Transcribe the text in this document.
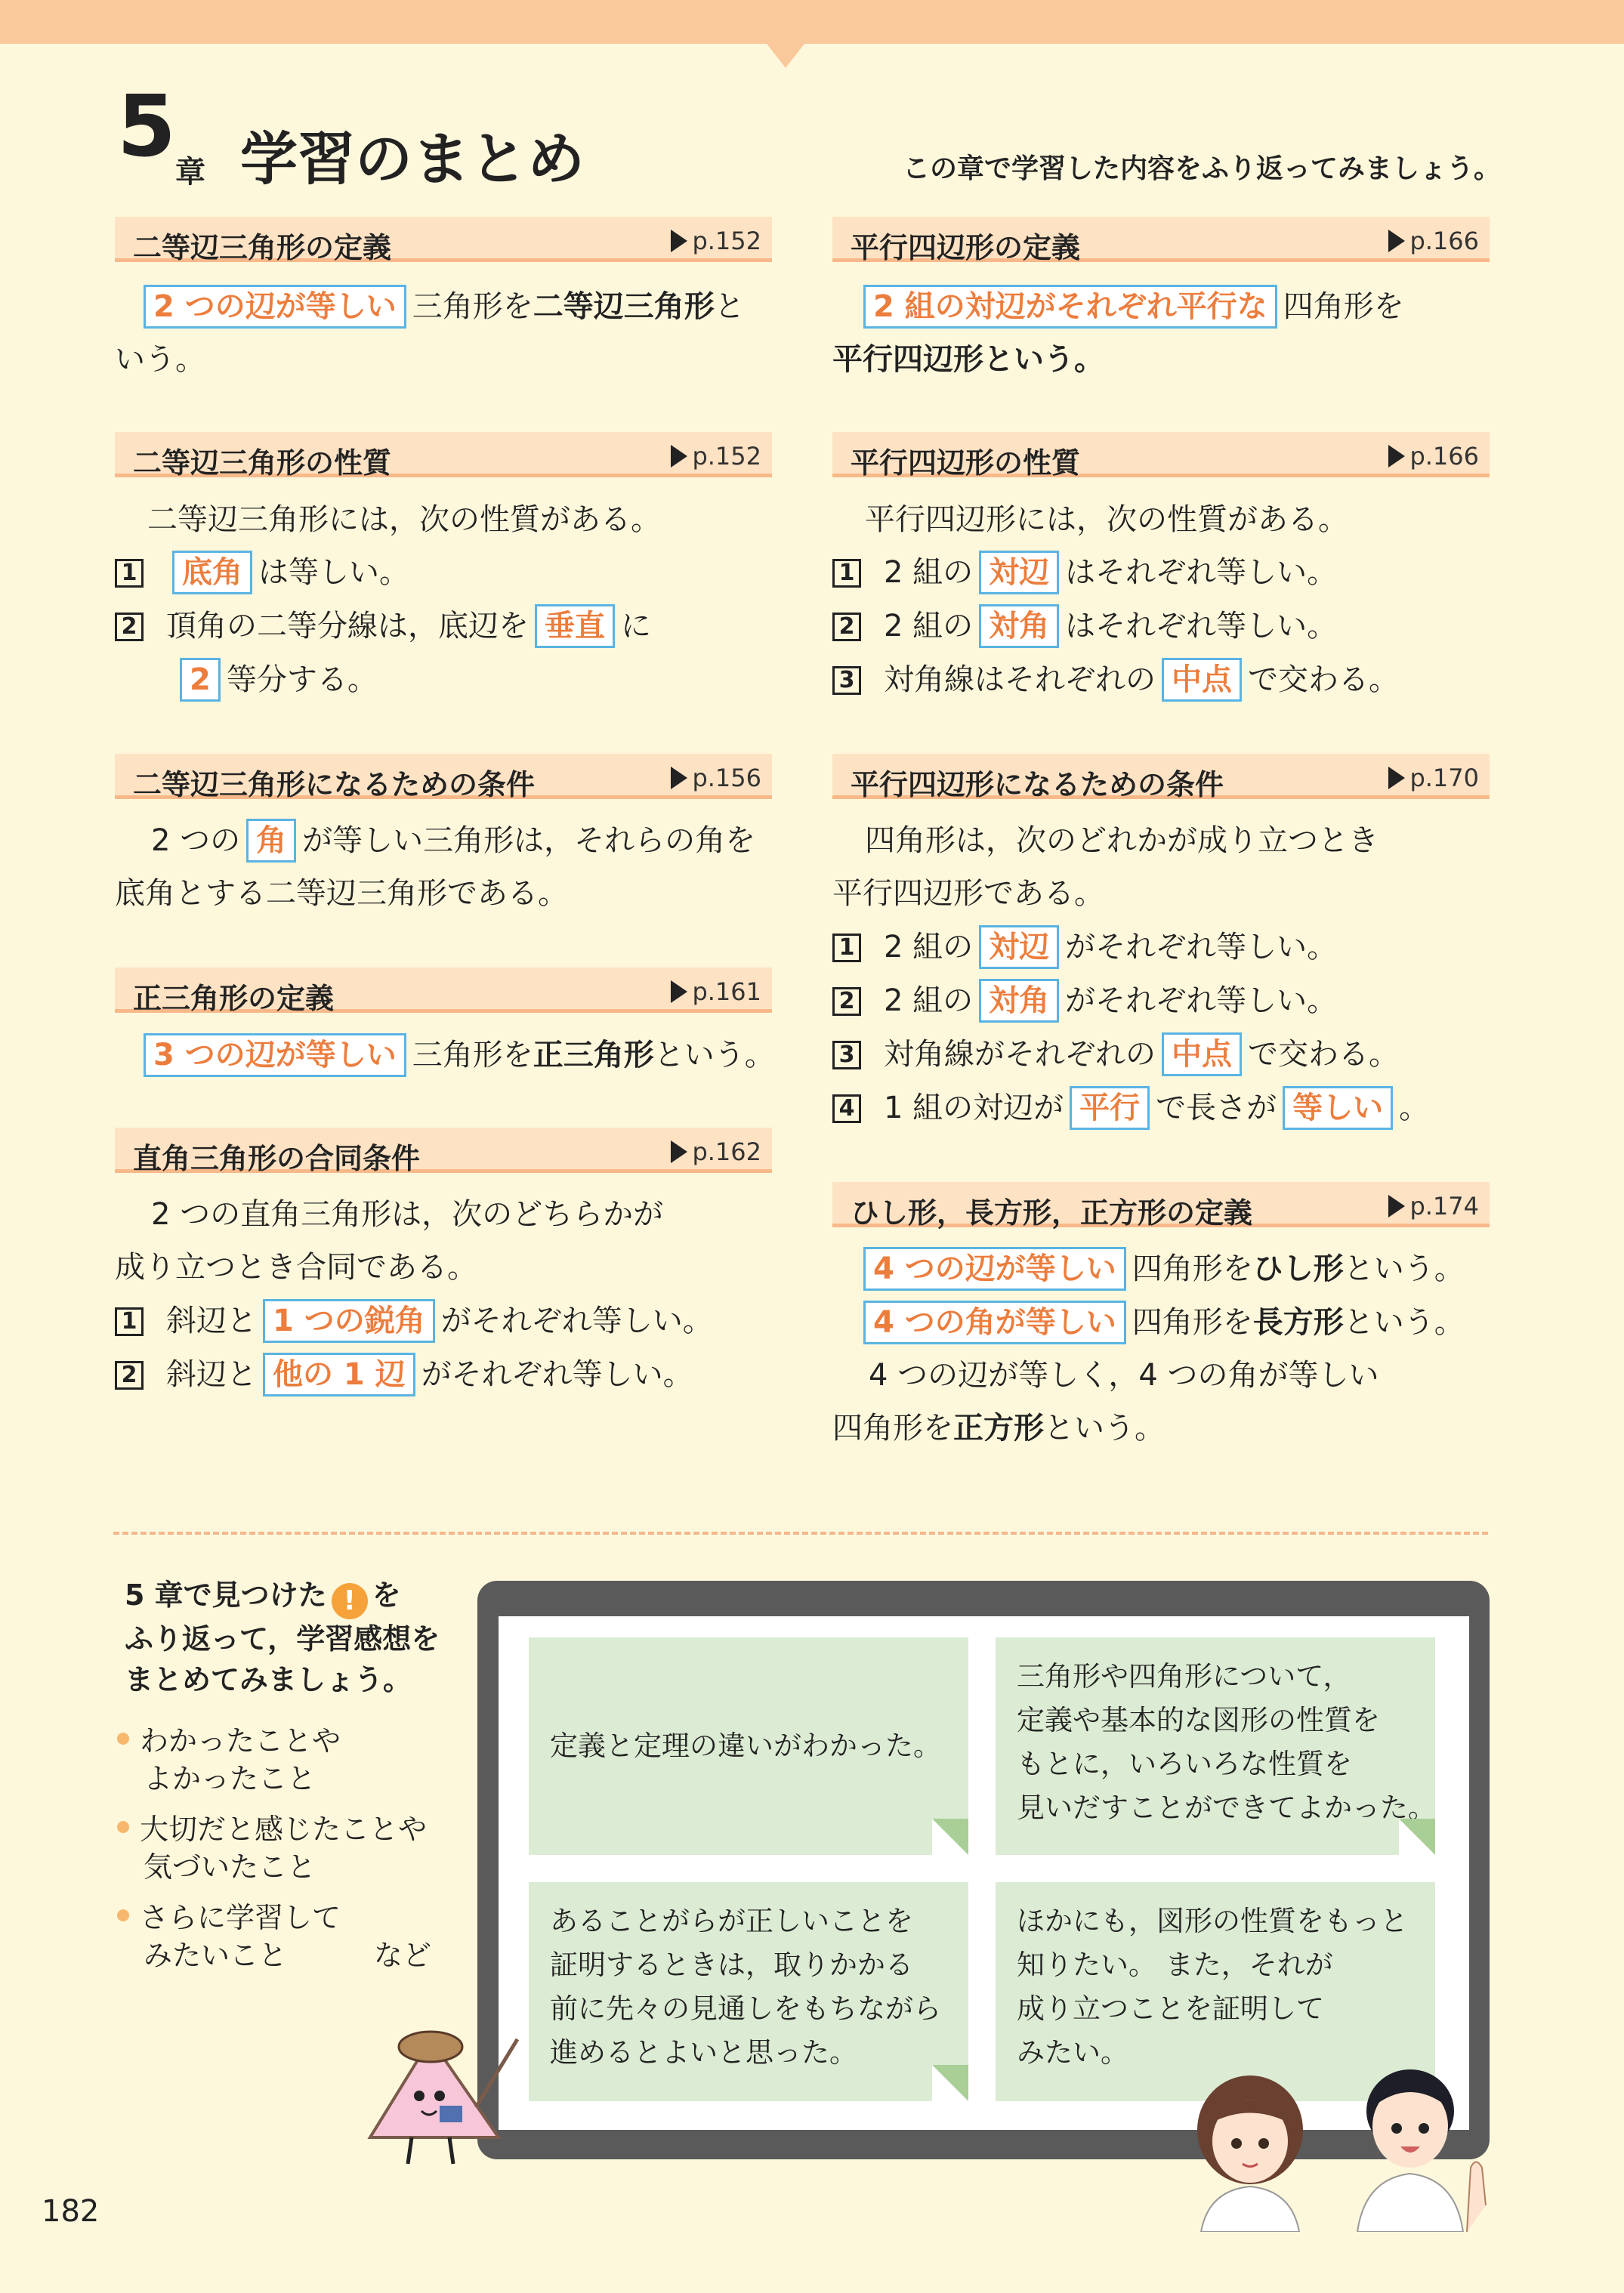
5 章 学習のまとめ	この章で学習した内容をふり返ってみましょう。
二等辺三角形の定義	p.152
2 つの辺が等しい 三角形を二等辺三角形と
いう。
二等辺三角形の性質	p.152
二等辺三角形には，次の性質がある。
1 底角 は等しい。
2 頂角の二等分線は，底辺を 垂直 に
2 等分する。
二等辺三角形になるための条件	p.156
2 つの 角 が等しい三角形は，それらの角を
底角とする二等辺三角形である。
正三角形の定義	p.161
3 つの辺が等しい 三角形を正三角形という。
直角三角形の合同条件	p.162
2 つの直角三角形は，次のどちらかが
成り立つとき合同である。
1 斜辺と 1 つの鋭角 がそれぞれ等しい。
2 斜辺と 他の 1 辺 がそれぞれ等しい。
平行四辺形の定義	p.166
2 組の対辺がそれぞれ平行な 四角形を
平行四辺形という。
平行四辺形の性質	p.166
平行四辺形には，次の性質がある。
1 2 組の 対辺 はそれぞれ等しい。
2 2 組の 対角 はそれぞれ等しい。
3 対角線はそれぞれの 中点 で交わる。
平行四辺形になるための条件	p.170
四角形は，次のどれかが成り立つとき
平行四辺形である。
1 2 組の 対辺 がそれぞれ等しい。
2 2 組の 対角 がそれぞれ等しい。
3 対角線がそれぞれの 中点 で交わる。
4 1 組の対辺が 平行 で長さが 等しい 。
ひし形，長方形，正方形の定義	p.174
4 つの辺が等しい 四角形をひし形という。
4 つの角が等しい 四角形を長方形という。
4 つの辺が等しく，4 つの角が等しい
四角形を正方形という。
5 章で見つけた ! を
ふり返って，学習感想を
まとめてみましょう。
わかったことや
よかったこと
大切だと感じたことや
気づいたこと
さらに学習して
みたいこと	など
定義と定理の違いがわかった。
三角形や四角形について，
定義や基本的な図形の性質を
もとに，いろいろな性質を
見いだすことができてよかった。
あることがらが正しいことを
証明するときは，取りかかる
前に先々の見通しをもちながら
進めるとよいと思った。
ほかにも，図形の性質をもっと
知りたい。 また，それが
成り立つことを証明して
みたい。
182
